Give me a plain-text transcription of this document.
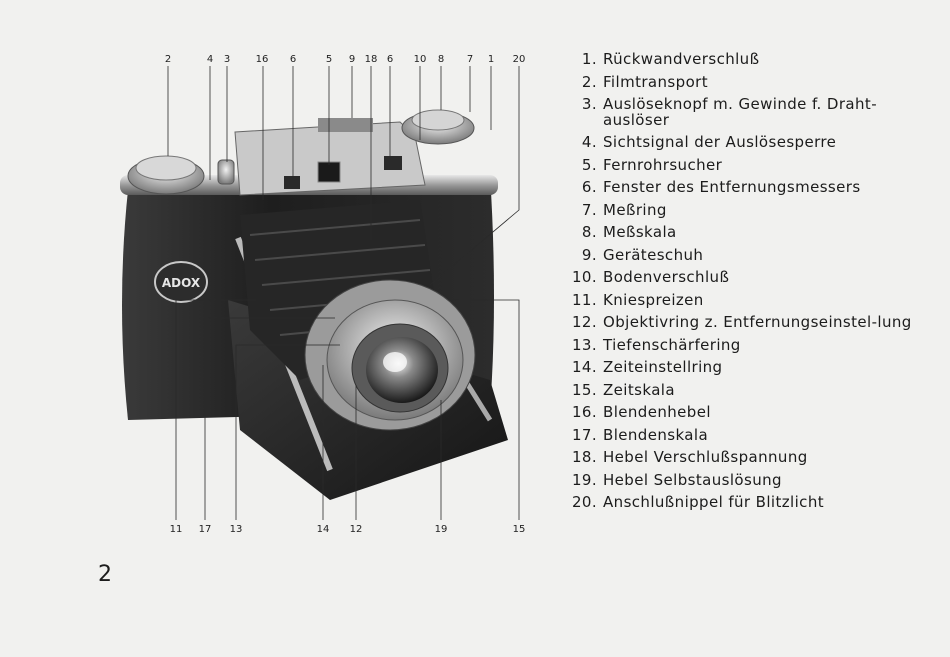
ADOX
2	4 3	16 6	5 9 18 6 10 8 7 1 20
11 17 13	14 12	19	15
1. Rückwandverschluß
2. Filmtransport
3. Auslöseknopf m. Gewinde f. Draht-auslöser
4. Sichtsignal der Auslösesperre
5. Fernrohrsucher
6. Fenster des Entfernungsmessers
7. Meßring
8. Meßskala
9. Geräteschuh
10. Bodenverschluß
11. Kniespreizen
12. Objektivring z. Entfernungseinstel-lung
13. Tiefenschärfering
14. Zeiteinstellring
15. Zeitskala
16. Blendenhebel
17. Blendenskala
18. Hebel Verschlußspannung
19. Hebel Selbstauslösung
20. Anschlußnippel für Blitzlicht
2
